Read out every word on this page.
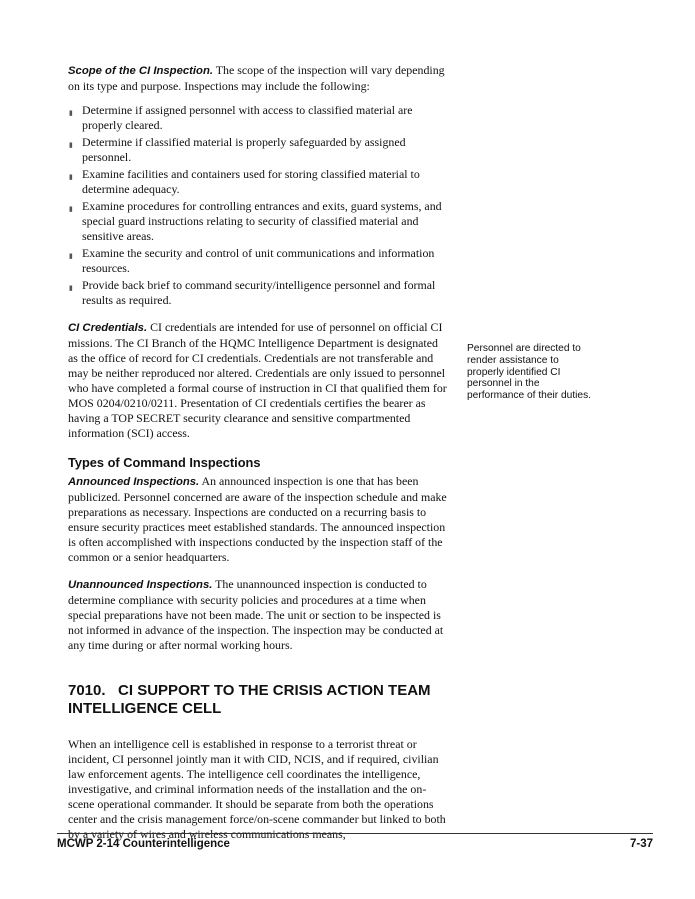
Scope of the CI Inspection. The scope of the inspection will vary depending on its type and purpose. Inspections may include the following:

▮ Determine if assigned personnel with access to classified material are properly cleared.
▮ Determine if classified material is properly safeguarded by assigned personnel.
▮ Examine facilities and containers used for storing classified material to determine adequacy.
▮ Examine procedures for controlling entrances and exits, guard systems, and special guard instructions relating to security of classified material and sensitive areas.
▮ Examine the security and control of unit communications and information resources.
▮ Provide back brief to command security/intelligence personnel and formal results as required.

CI Credentials. CI credentials are intended for use of personnel on official CI missions. The CI Branch of the HQMC Intelligence Department is designated as the office of record for CI credentials. Credentials are not transferable and may be neither reproduced nor altered. Credentials are only issued to personnel who have completed a formal course of instruction in CI that qualified them for MOS 0204/0210/0211. Presentation of CI credentials certifies the bearer as having a TOP SECRET security clearance and sensitive compartmented information (SCI) access.

Types of Command Inspections

Announced Inspections. An announced inspection is one that has been publicized. Personnel concerned are aware of the inspection schedule and make preparations as necessary. Inspections are conducted on a recurring basis to ensure security practices meet established standards. The announced inspection is often accomplished with inspections conducted by the inspection staff of the common or a senior headquarters.

Unannounced Inspections. The unannounced inspection is conducted to determine compliance with security policies and procedures at a time when special preparations have not been made. The unit or section to be inspected is not informed in advance of the inspection. The inspection may be conducted at any time during or after normal working hours.

7010.   CI SUPPORT TO THE CRISIS ACTION TEAM INTELLIGENCE CELL

When an intelligence cell is established in response to a terrorist threat or incident, CI personnel jointly man it with CID, NCIS, and if required, civilian law enforcement agents. The intelligence cell coordinates the intelligence, investigative, and criminal information needs of the installation and the on-scene operational commander. It should be separate from both the operations center and the crisis management force/on-scene commander but linked to both by a variety of wires and wireless communications means,

Personnel are directed to render assistance to properly identified CI personnel in the performance of their duties.
MCWP 2-14 Counterintelligence	7-37
